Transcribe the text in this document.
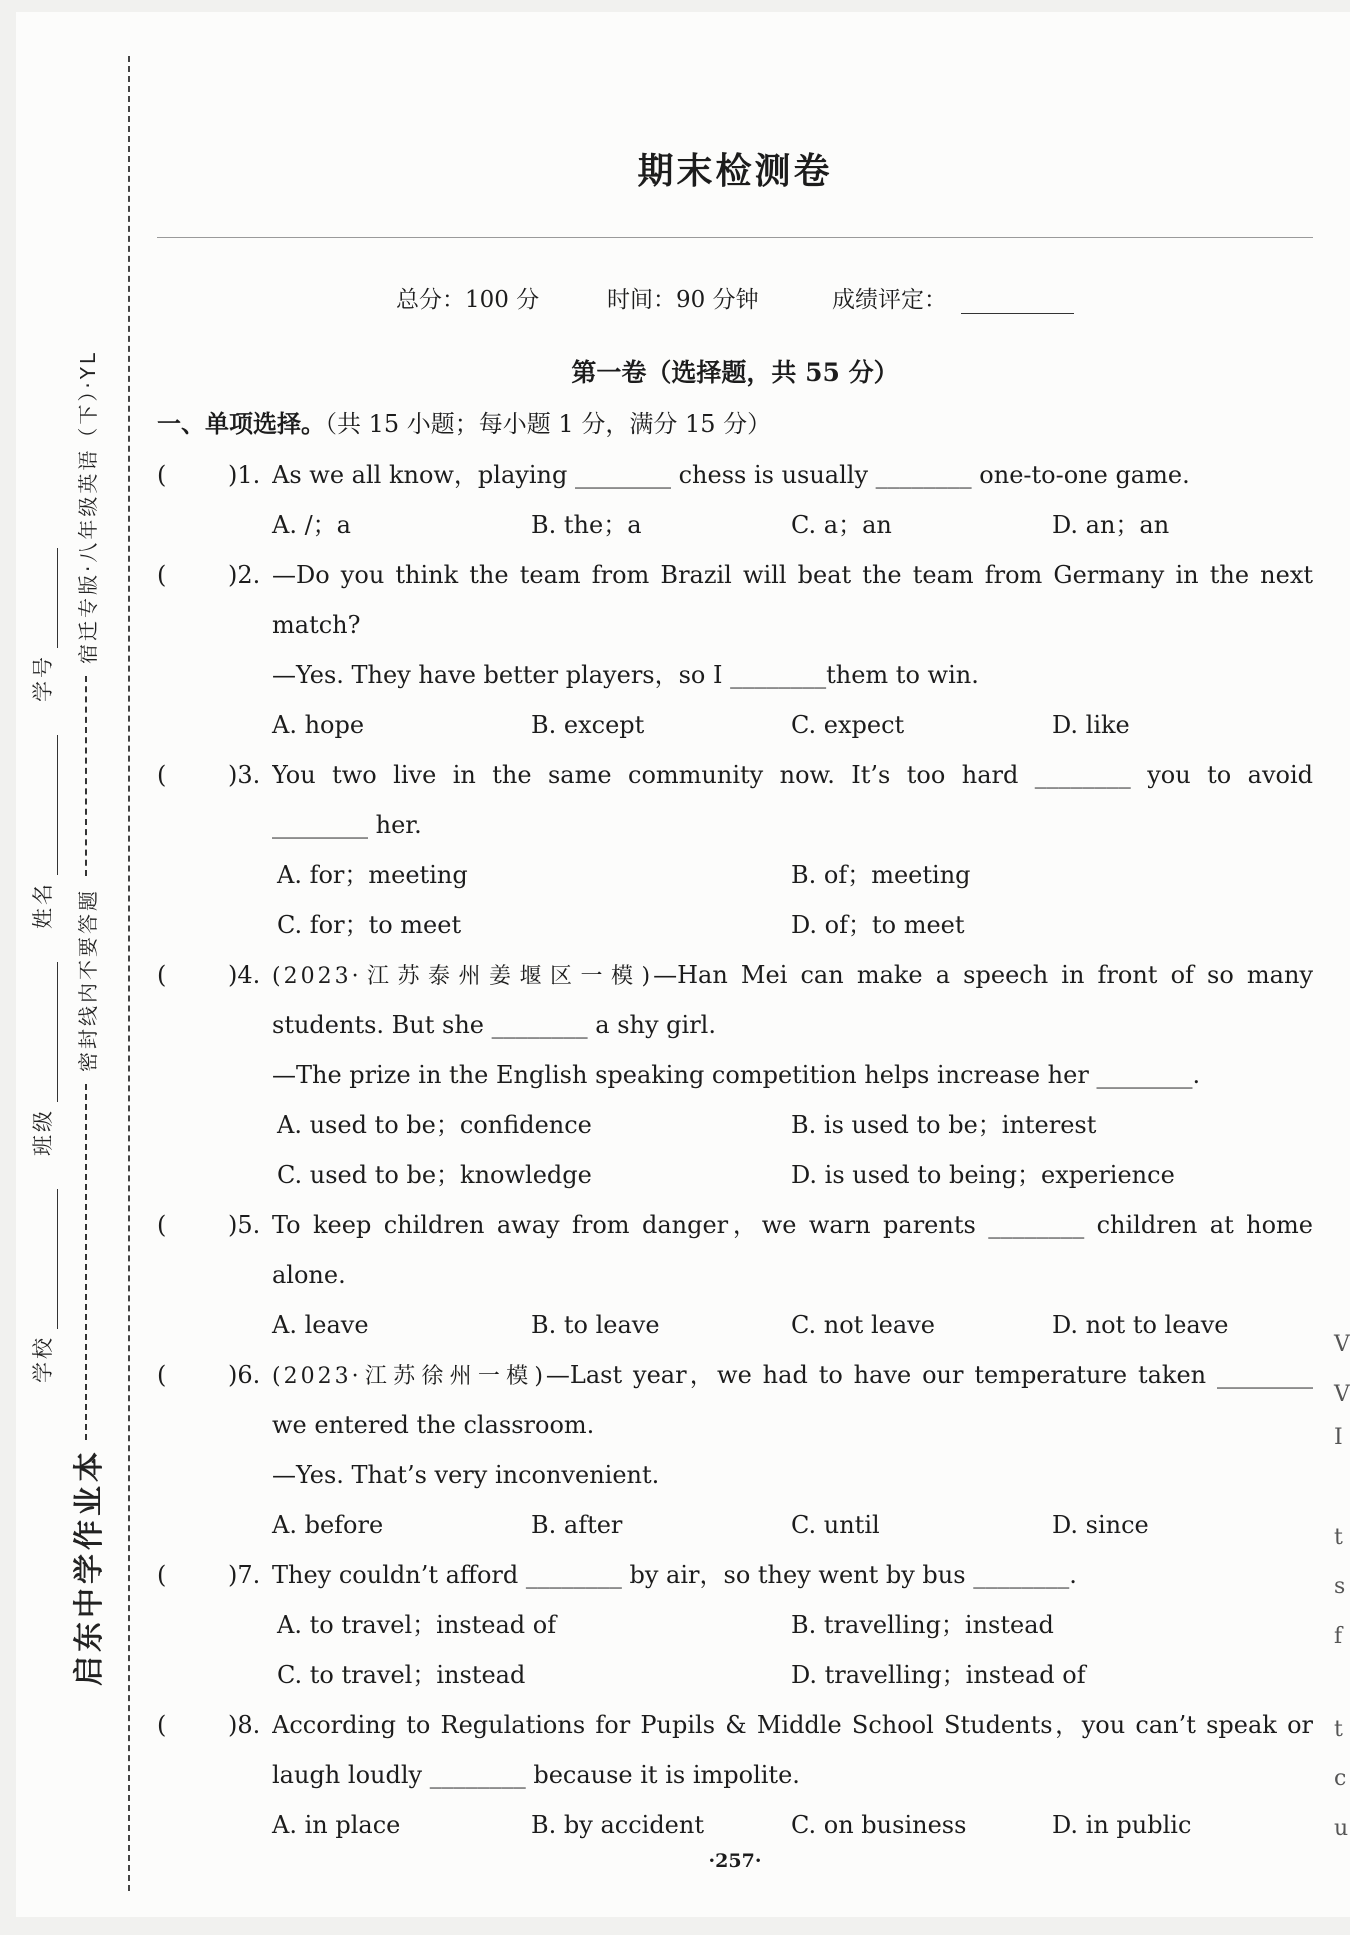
启东中学作业本
密封线内不要答题
宿迁专版·八年级英语（下）·YL
学校
班级
姓名
学号
期末检测卷
总分：100 分	时间：90 分钟	成绩评定：
第一卷（选择题，共 55 分）
一、单项选择。（共 15 小题；每小题 1 分，满分 15 分）
(	)1. As we all know，playing ________ chess is usually ________ one-to-one game.
A. /；a	B. the；a	C. a；an	D. an；an
(	)2. —Do you think the team from Brazil will beat the team from Germany in the next
match?
—Yes. They have better players，so I ________them to win.
A. hope	B. except	C. expect	D. like
(	)3. You two live in the same community now. It’s too hard ________ you to avoid
________ her.
A. for；meeting	B. of；meeting
C. for；to meet	D. of；to meet
(	)4. (2023·江苏泰州姜堰区一模)—Han Mei can make a speech in front of so many
students. But she ________ a shy girl.
—The prize in the English speaking competition helps increase her ________.
A. used to be；confidence	B. is used to be；interest
C. used to be；knowledge	D. is used to being；experience
(	)5. To keep children away from danger，we warn parents ________ children at home
alone.
A. leave	B. to leave	C. not leave	D. not to leave
(	)6. (2023·江苏徐州一模)—Last year，we had to have our temperature taken ________
we entered the classroom.
—Yes. That’s very inconvenient.
A. before	B. after	C. until	D. since
(	)7. They couldn’t afford ________ by air，so they went by bus ________.
A. to travel；instead of	B. travelling；instead
C. to travel；instead	D. travelling；instead of
(	)8. According to Regulations for Pupils & Middle School Students，you can’t speak or
laugh loudly ________ because it is impolite.
A. in place	B. by accident	C. on business	D. in public
·257·
V
V
I
t
s
f
t
c
u
